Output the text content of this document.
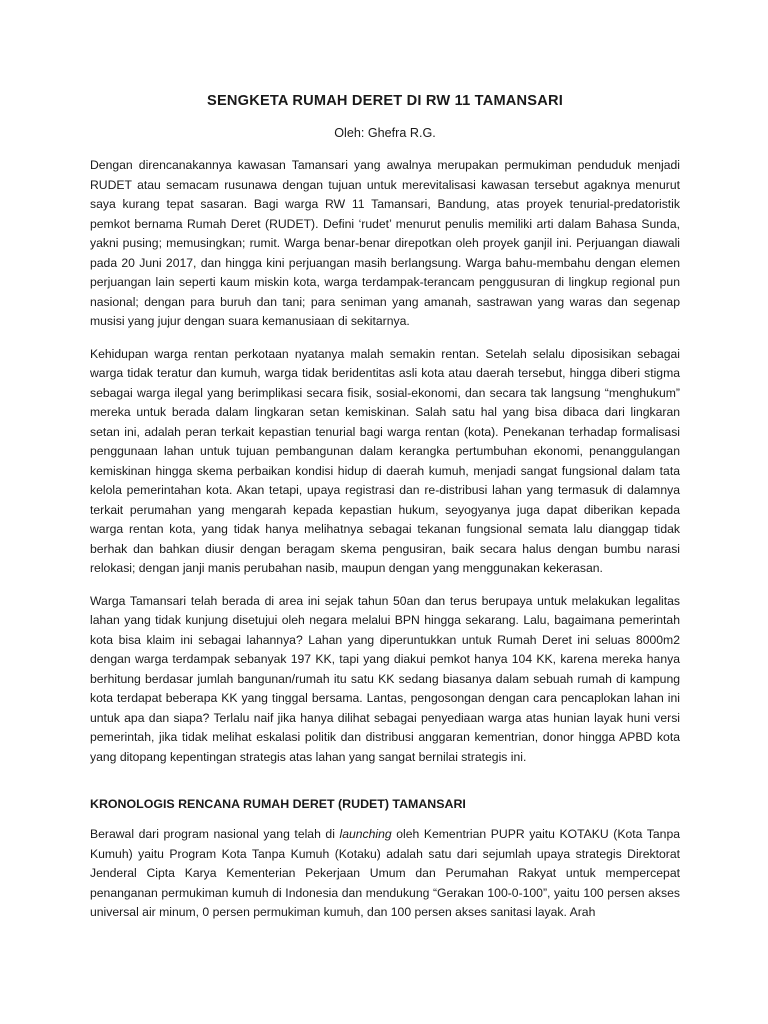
SENGKETA RUMAH DERET DI RW 11 TAMANSARI

Oleh: Ghefra R.G.

Dengan direncanakannya kawasan Tamansari yang awalnya merupakan permukiman penduduk menjadi RUDET atau semacam rusunawa dengan tujuan untuk merevitalisasi kawasan tersebut agaknya menurut saya kurang tepat sasaran. Bagi warga RW 11 Tamansari, Bandung, atas proyek tenurial-predatoristik pemkot bernama Rumah Deret (RUDET). Defini ‘rudet’ menurut penulis memiliki arti dalam Bahasa Sunda, yakni pusing; memusingkan; rumit. Warga benar-benar direpotkan oleh proyek ganjil ini. Perjuangan diawali pada 20 Juni 2017, dan hingga kini perjuangan masih berlangsung. Warga bahu-membahu dengan elemen perjuangan lain seperti kaum miskin kota, warga terdampak-terancam penggusuran di lingkup regional pun nasional; dengan para buruh dan tani; para seniman yang amanah, sastrawan yang waras dan segenap musisi yang jujur dengan suara kemanusiaan di sekitarnya.

Kehidupan warga rentan perkotaan nyatanya malah semakin rentan. Setelah selalu diposisikan sebagai warga tidak teratur dan kumuh, warga tidak beridentitas asli kota atau daerah tersebut, hingga diberi stigma sebagai warga ilegal yang berimplikasi secara fisik, sosial-ekonomi, dan secara tak langsung “menghukum” mereka untuk berada dalam lingkaran setan kemiskinan. Salah satu hal yang bisa dibaca dari lingkaran setan ini, adalah peran terkait kepastian tenurial bagi warga rentan (kota). Penekanan terhadap formalisasi penggunaan lahan untuk tujuan pembangunan dalam kerangka pertumbuhan ekonomi, penanggulangan kemiskinan hingga skema perbaikan kondisi hidup di daerah kumuh, menjadi sangat fungsional dalam tata kelola pemerintahan kota. Akan tetapi, upaya registrasi dan re-distribusi lahan yang termasuk di dalamnya terkait perumahan yang mengarah kepada kepastian hukum, seyogyanya juga dapat diberikan kepada warga rentan kota, yang tidak hanya melihatnya sebagai tekanan fungsional semata lalu dianggap tidak berhak dan bahkan diusir dengan beragam skema pengusiran, baik secara halus dengan bumbu narasi relokasi; dengan janji manis perubahan nasib, maupun dengan yang menggunakan kekerasan.

Warga Tamansari telah berada di area ini sejak tahun 50an dan terus berupaya untuk melakukan legalitas lahan yang tidak kunjung disetujui oleh negara melalui BPN hingga sekarang. Lalu, bagaimana pemerintah kota bisa klaim ini sebagai lahannya? Lahan yang diperuntukkan untuk Rumah Deret ini seluas 8000m2 dengan warga terdampak sebanyak 197 KK, tapi yang diakui pemkot hanya 104 KK, karena mereka hanya berhitung berdasar jumlah bangunan/rumah itu satu KK sedang biasanya dalam sebuah rumah di kampung kota terdapat beberapa KK yang tinggal bersama. Lantas, pengosongan dengan cara pencaplokan lahan ini untuk apa dan siapa? Terlalu naif jika hanya dilihat sebagai penyediaan warga atas hunian layak huni versi pemerintah, jika tidak melihat eskalasi politik dan distribusi anggaran kementrian, donor hingga APBD kota yang ditopang kepentingan strategis atas lahan yang sangat bernilai strategis ini.

KRONOLOGIS RENCANA RUMAH DERET (RUDET) TAMANSARI

Berawal dari program nasional yang telah di launching oleh Kementrian PUPR yaitu KOTAKU (Kota Tanpa Kumuh) yaitu Program Kota Tanpa Kumuh (Kotaku) adalah satu dari sejumlah upaya strategis Direktorat Jenderal Cipta Karya Kementerian Pekerjaan Umum dan Perumahan Rakyat untuk mempercepat penanganan permukiman kumuh di Indonesia dan mendukung “Gerakan 100-0-100”, yaitu 100 persen akses universal air minum, 0 persen permukiman kumuh, dan 100 persen akses sanitasi layak. Arah
